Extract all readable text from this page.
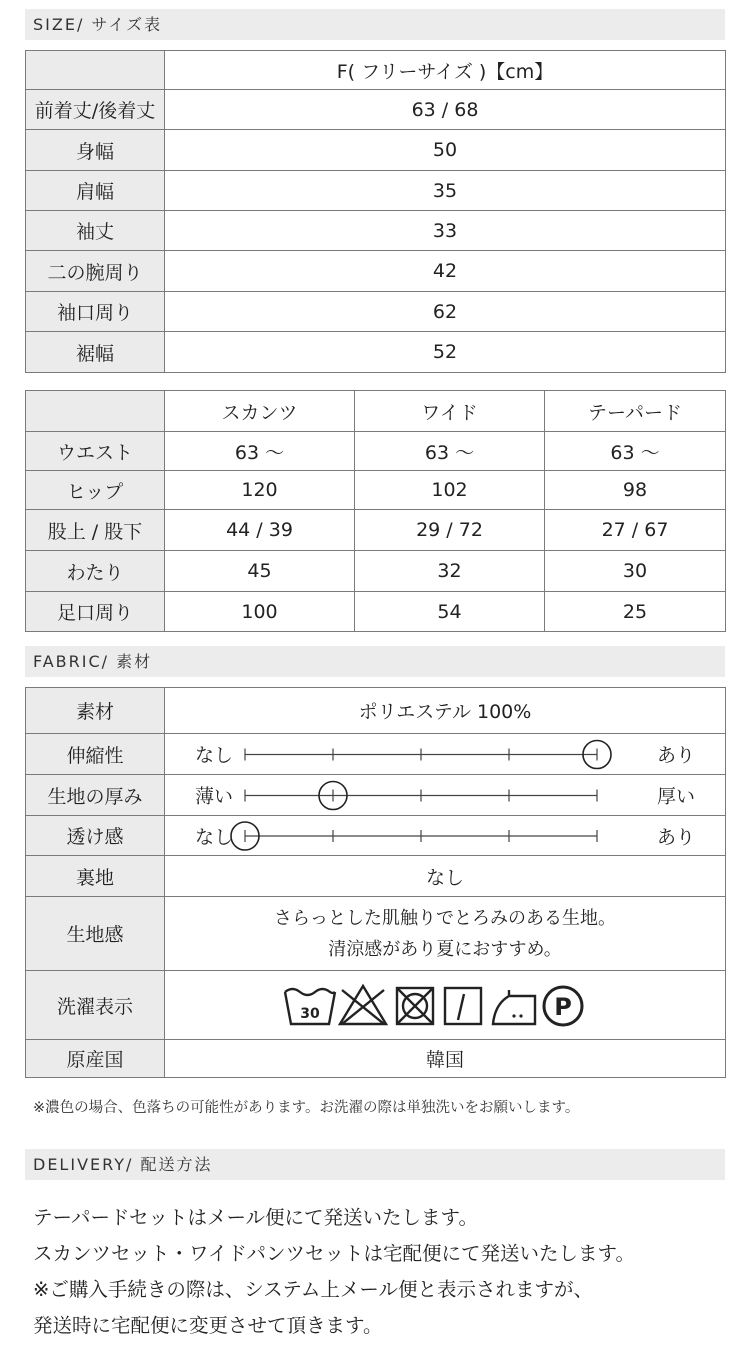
SIZE/ サイズ表
	F( フリーサイズ )【cm】
前着丈/後着丈	63 / 68
身幅	50
肩幅	35
袖丈	33
二の腕周り	42
袖口周り	62
裾幅	52
	スカンツ	ワイド	テーパード
ウエスト	63 〜	63 〜	63 〜
ヒップ	120	102	98
股上 / 股下	44 / 39	29 / 72	27 / 67
わたり	45	32	30
足口周り	100	54	25
FABRIC/ 素材
素材	ポリエステル 100%
伸縮性	なし あり

生地の厚み	薄い 厚い

透け感	なし あり

裏地	なし
生地感	さらっとした肌触りでとろみのある生地。
清涼感があり夏におすすめ。

洗濯表示	30 P

原産国	韓国
※濃色の場合、色落ちの可能性があります。お洗濯の際は単独洗いをお願いします。
DELIVERY/ 配送方法
テーパードセットはメール便にて発送いたします。
スカンツセット・ワイドパンツセットは宅配便にて発送いたします。
※ご購入手続きの際は、システム上メール便と表示されますが、
発送時に宅配便に変更させて頂きます。
